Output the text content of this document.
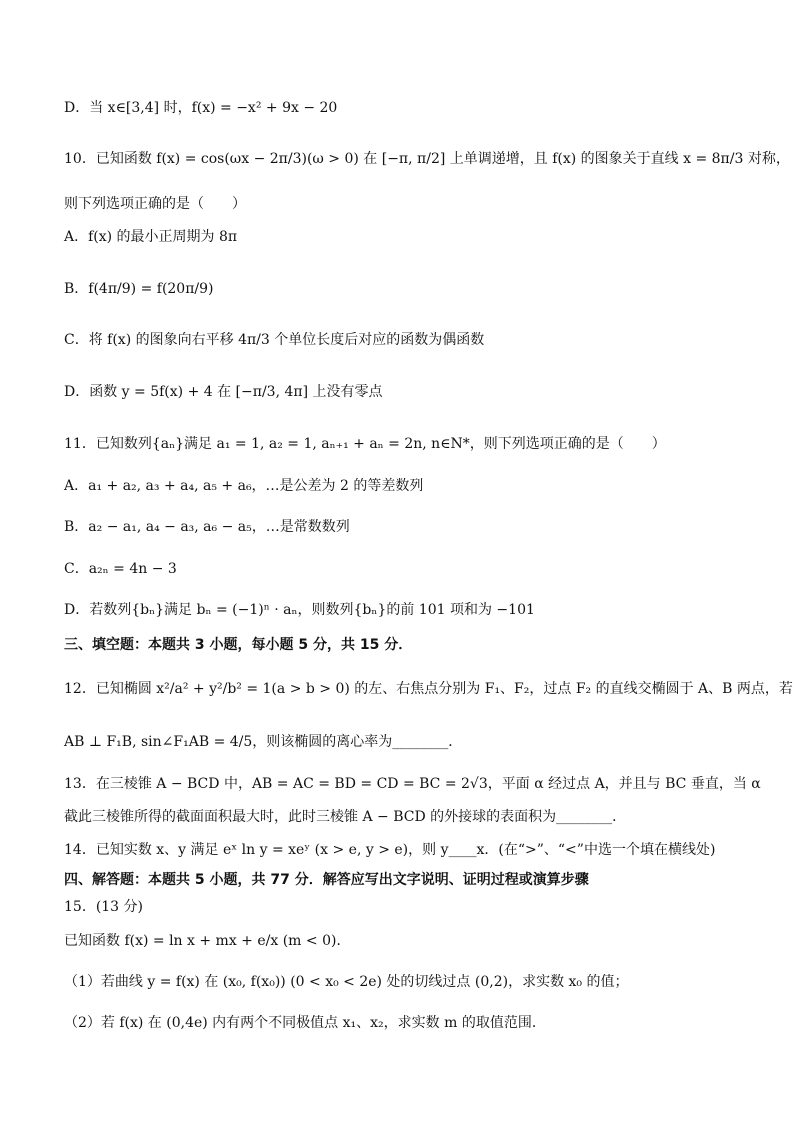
D．当 x∈[3,4] 时，f(x) = −x² + 9x − 20
10．已知函数 f(x) = cos(ωx − 2π/3)(ω > 0) 在 [−π, π/2] 上单调递增，且 f(x) 的图象关于直线 x = 8π/3 对称，
则下列选项正确的是（　　）
A．f(x) 的最小正周期为 8π
B．f(4π/9) = f(20π/9)
C．将 f(x) 的图象向右平移 4π/3 个单位长度后对应的函数为偶函数
D．函数 y = 5f(x) + 4 在 [−π/3, 4π] 上没有零点
11．已知数列{aₙ}满足 a₁ = 1, a₂ = 1, aₙ₊₁ + aₙ = 2n, n∈N*，则下列选项正确的是（　　）
A．a₁ + a₂, a₃ + a₄, a₅ + a₆，…是公差为 2 的等差数列
B．a₂ − a₁, a₄ − a₃, a₆ − a₅，…是常数数列
C．a₂ₙ = 4n − 3
D．若数列{bₙ}满足 bₙ = (−1)ⁿ · aₙ，则数列{bₙ}的前 101 项和为 −101
三、填空题：本题共 3 小题，每小题 5 分，共 15 分．
12．已知椭圆 x²/a² + y²/b² = 1(a > b > 0) 的左、右焦点分别为 F₁、F₂，过点 F₂ 的直线交椭圆于 A、B 两点，若
AB ⊥ F₁B, sin∠F₁AB = 4/5，则该椭圆的离心率为________．
13．在三棱锥 A − BCD 中，AB = AC = BD = CD = BC = 2√3，平面 α 经过点 A，并且与 BC 垂直，当 α
截此三棱锥所得的截面面积最大时，此时三棱锥 A − BCD 的外接球的表面积为________．
14．已知实数 x、y 满足 eˣ ln y = xeʸ (x > e, y > e)，则 y____x．(在“>”、“<”中选一个填在横线处)
四、解答题：本题共 5 小题，共 77 分．解答应写出文字说明、证明过程或演算步骤
15．(13 分)
已知函数 f(x) = ln x + mx + e/x (m < 0)．
（1）若曲线 y = f(x) 在 (x₀, f(x₀)) (0 < x₀ < 2e) 处的切线过点 (0,2)，求实数 x₀ 的值；
（2）若 f(x) 在 (0,4e) 内有两个不同极值点 x₁、x₂，求实数 m 的取值范围．
